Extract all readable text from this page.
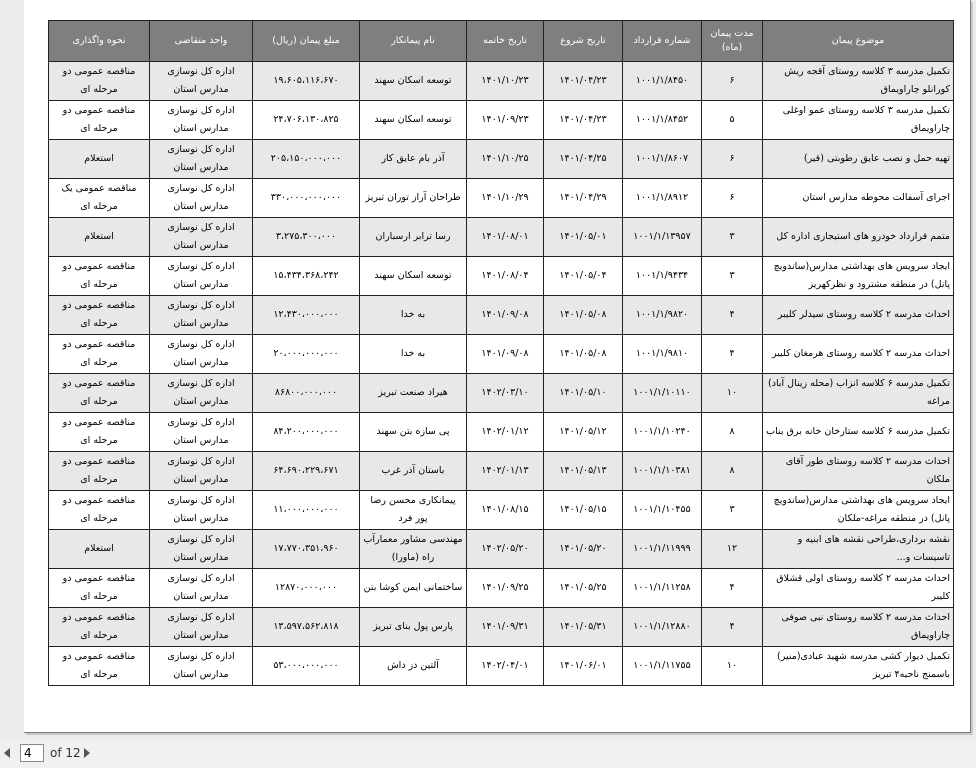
موضوع پیمان	مدت پیمان (ماه)	شماره قرارداد	تاریخ شروع	تاریخ خاتمه	نام پیمانکار	مبلغ پیمان (ریال)	واحد متقاضی	نحوه واگذاری
تکمیل مدرسه ۳ کلاسه روستای آقجه ریش کورانلو چاراویماق	۶	۱۰۰۱/۱/۸۴۵۰	۱۴۰۱/۰۴/۲۳	۱۴۰۱/۱۰/۲۳	توسعه اسکان سهند	۱۹،۶۰۵،۱۱۶،۶۷۰	اداره کل نوسازی مدارس استان	مناقصه عمومی دو مرحله ای
تکمیل مدرسه ۳ کلاسه روستای عمو اوغلی چاراویماق	۵	۱۰۰۱/۱/۸۴۵۲	۱۴۰۱/۰۴/۲۳	۱۴۰۱/۰۹/۲۳	توسعه اسکان سهند	۲۴،۷۰۶،۱۳۰،۸۲۵	اداره کل نوسازی مدارس استان	مناقصه عمومی دو مرحله ای
تهیه حمل و نصب عایق رطوبتی (قیر)	۶	۱۰۰۱/۱/۸۶۰۷	۱۴۰۱/۰۴/۲۵	۱۴۰۱/۱۰/۲۵	آذر بام عایق کار	۲۰۵،۱۵۰،۰۰۰،۰۰۰	اداره کل نوسازی مدارس استان	استعلام
اجرای آسفالت محوطه مدارس استان	۶	۱۰۰۱/۱/۸۹۱۲	۱۴۰۱/۰۴/۲۹	۱۴۰۱/۱۰/۲۹	طراحان آراز توران تبریز	۳۳۰،۰۰۰،۰۰۰،۰۰۰	اداره کل نوسازی مدارس استان	مناقصه عمومی یک مرحله ای
متمم قرارداد خودرو های استیجاری اداره کل	۳	۱۰۰۱/۱/۱۳۹۵۷	۱۴۰۱/۰۵/۰۱	۱۴۰۱/۰۸/۰۱	رسا ترابر ارسباران	۳،۲۷۵،۳۰۰،۰۰۰	اداره کل نوسازی مدارس استان	استعلام
ایجاد سرویس های بهداشتی مدارس(ساندویچ پانل) در منطقه مشترود و نظرکهریز	۳	۱۰۰۱/۱/۹۴۳۴	۱۴۰۱/۰۵/۰۴	۱۴۰۱/۰۸/۰۴	توسعه اسکان سهند	۱۵،۴۳۴،۳۶۸،۲۴۲	اداره کل نوسازی مدارس استان	مناقصه عمومی دو مرحله ای
احداث مدرسه ۲ کلاسه روستای سیدلر کلیبر	۴	۱۰۰۱/۱/۹۸۲۰	۱۴۰۱/۰۵/۰۸	۱۴۰۱/۰۹/۰۸	به خدا	۱۲،۴۳۰،۰۰۰،۰۰۰	اداره کل نوسازی مدارس استان	مناقصه عمومی دو مرحله ای
احداث مدرسه ۲ کلاسه روستای هرمغان کلیبر	۴	۱۰۰۱/۱/۹۸۱۰	۱۴۰۱/۰۵/۰۸	۱۴۰۱/۰۹/۰۸	به خدا	۲۰،۰۰۰،۰۰۰،۰۰۰	اداره کل نوسازی مدارس استان	مناقصه عمومی دو مرحله ای
تکمیل مدرسه ۶ کلاسه انزاب (محله زینال آباد) مراغه	۱۰	۱۰۰۱/۱/۱۰۱۱۰	۱۴۰۱/۰۵/۱۰	۱۴۰۲/۰۳/۱۰	هیراد صنعت تبریز	۸۶۸۰۰،۰۰۰،۰۰۰	اداره کل نوسازی مدارس استان	مناقصه عمومی دو مرحله ای
تکمیل مدرسه ۶ کلاسه ستارخان خانه برق بناب	۸	۱۰۰۱/۱/۱۰۲۴۰	۱۴۰۱/۰۵/۱۲	۱۴۰۲/۰۱/۱۲	پی سازه بتن سهند	۸۴،۲۰۰،۰۰۰،۰۰۰	اداره کل نوسازی مدارس استان	مناقصه عمومی دو مرحله ای
احداث مدرسه ۲ کلاسه روستای طور آقای ملکان	۸	۱۰۰۱/۱/۱۰۳۸۱	۱۴۰۱/۰۵/۱۳	۱۴۰۲/۰۱/۱۳	باستان آذر غرب	۶۴،۶۹۰،۲۲۹،۶۷۱	اداره کل نوسازی مدارس استان	مناقصه عمومی دو مرحله ای
ایجاد سرویس های بهداشتی مدارس(ساندویچ پانل) در منطقه مراغه-ملکان	۳	۱۰۰۱/۱/۱۰۴۵۵	۱۴۰۱/۰۵/۱۵	۱۴۰۱/۰۸/۱۵	پیمانکاری محسن رضا پور فرد	۱۱،۰۰۰،۰۰۰،۰۰۰	اداره کل نوسازی مدارس استان	مناقصه عمومی دو مرحله ای
نقشه برداری،طراحی نقشه های ابنیه و تاسیسات و...	۱۲	۱۰۰۱/۱/۱۱۹۹۹	۱۴۰۱/۰۵/۲۰	۱۴۰۲/۰۵/۲۰	مهندسی مشاور معمارآب راه (ماورا)	۱۷،۷۷۰،۳۵۱،۹۶۰	اداره کل نوسازی مدارس استان	استعلام
احداث مدرسه ۲ کلاسه روستای اولی قشلاق کلیبر	۴	۱۰۰۱/۱/۱۱۲۵۸	۱۴۰۱/۰۵/۲۵	۱۴۰۱/۰۹/۲۵	ساختمانی ایمن کوشا بتن	۱۲۸۷۰،۰۰۰،۰۰۰	اداره کل نوسازی مدارس استان	مناقصه عمومی دو مرحله ای
احداث مدرسه ۲ کلاسه روستای نبی صوفی چاراویماق	۴	۱۰۰۱/۱/۱۲۸۸۰	۱۴۰۱/۰۵/۳۱	۱۴۰۱/۰۹/۳۱	پارس پول بنای تبریز	۱۳،۵۹۷،۵۶۲،۸۱۸	اداره کل نوسازی مدارس استان	مناقصه عمومی دو مرحله ای
تکمیل دیوار کشی مدرسه شهید عبادی(منیر) باسمنج ناحیه۴ تبریز	۱۰	۱۰۰۱/۱/۱۱۷۵۵	۱۴۰۱/۰۶/۰۱	۱۴۰۲/۰۴/۰۱	آلتین دز داش	۵۳،۰۰۰،۰۰۰،۰۰۰	اداره کل نوسازی مدارس استان	مناقصه عمومی دو مرحله ای
4
of 12
